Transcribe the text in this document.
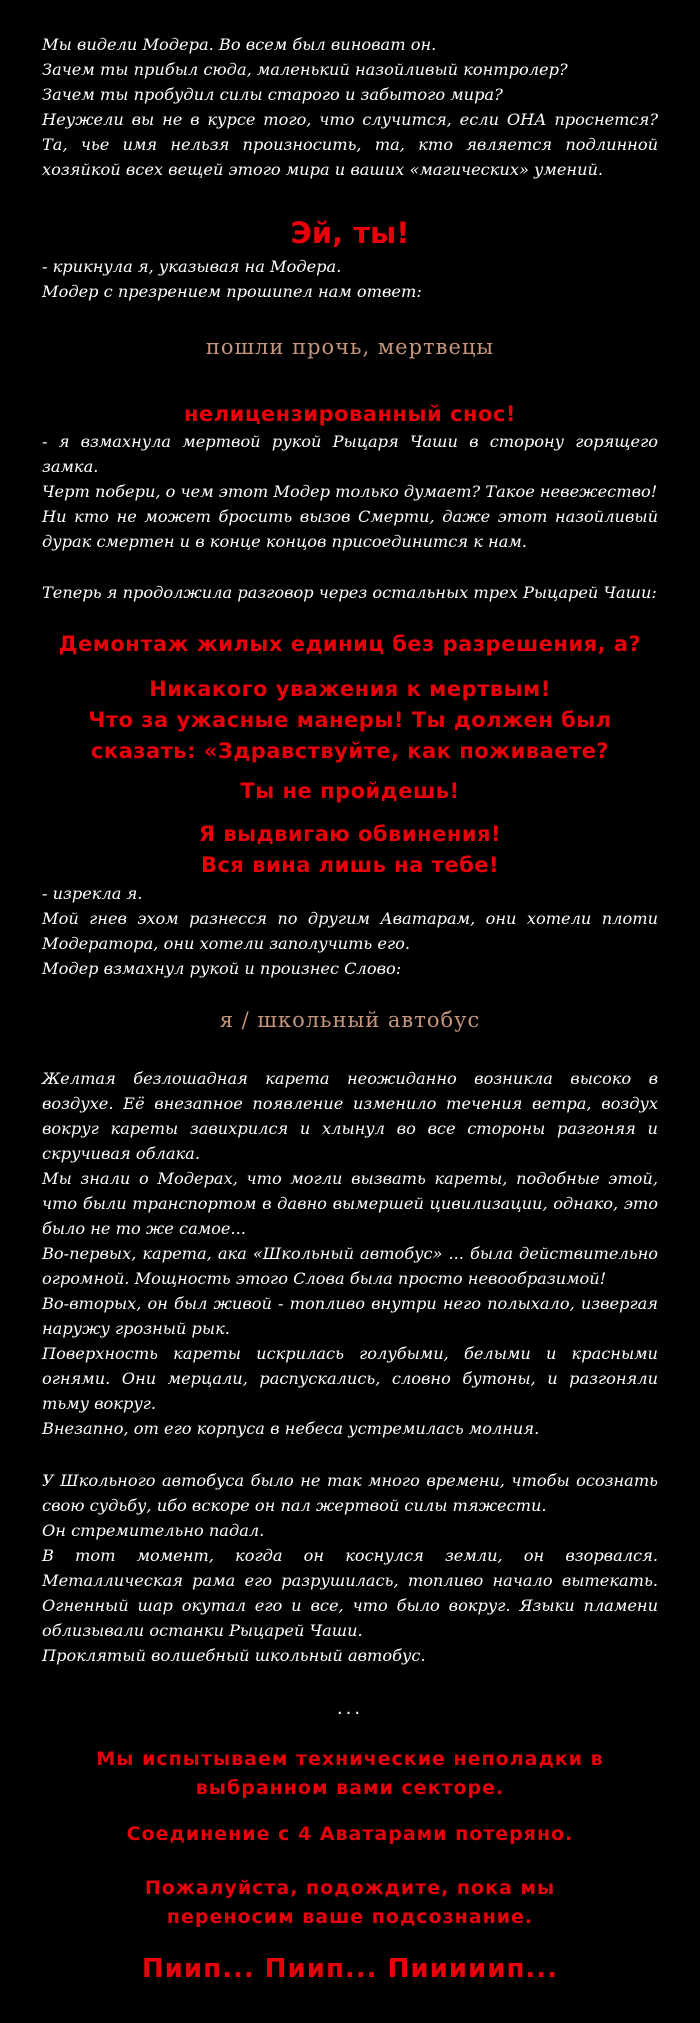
Мы видели Модера. Во всем был виноват он.

Зачем ты прибыл сюда, маленький назойливый контролер?

Зачем ты пробудил силы старого и забытого мира?

Неужели вы не в курсе того, что случится, если ОНА проснется? Та, чье имя нельзя произносить, та, кто является подлинной хозяйкой всех вещей этого мира и ваших «магических» умений.

Эй, ты!

- крикнула я, указывая на Модера.

Модер с презрением прошипел нам ответ:

пошли прочь, мертвецы
нелицензированный снос!

- я взмахнула мертвой рукой Рыцаря Чаши в сторону горящего замка.

Черт побери, о чем этот Модер только думает? Такое невежество!

Ни кто не может бросить вызов Смерти, даже этот назойливый дурак смертен и в конце концов присоединится к нам.

Теперь я продолжила разговор через остальных трех Рыцарей Чаши:
Демонтаж жилых единиц без разрешения, а?

Никакого уважения к мертвым!

Что за ужасные манеры! Ты должен был сказать: «Здравствуйте, как поживаете?

Ты не пройдешь!

Я выдвигаю обвинения!

Вся вина лишь на тебе!

- изрекла я.

Мой гнев эхом разнесся по другим Аватарам, они хотели плоти Модератора, они хотели заполучить его.

Модер взмахнул рукой и произнес Слово:

я / школьный автобус

Желтая безлошадная карета неожиданно возникла высоко в воздухе. Её внезапное появление изменило течения ветра, воздух вокруг кареты завихрился и хлынул во все стороны разгоняя и скручивая облака.

Мы знали о Модерах, что могли вызвать кареты, подобные этой, что были транспортом в давно вымершей цивилизации, однако, это было не то же самое...

Во-первых, карета, ака «Школьный автобус» ... была действительно огромной. Мощность этого Слова была просто невообразимой!

Во-вторых, он был живой - топливо внутри него полыхало, извергая наружу грозный рык.

Поверхность кареты искрилась голубыми, белыми и красными огнями. Они мерцали, распускались, словно бутоны, и разгоняли тьму вокруг.

Внезапно, от его корпуса в небеса устремилась молния.

У Школьного автобуса было не так много времени, чтобы осознать свою судьбу, ибо вскоре он пал жертвой силы тяжести.

Он стремительно падал.

В тот момент, когда он коснулся земли, он взорвался. Металлическая рама его разрушилась, топливо начало вытекать. Огненный шар окутал его и все, что было вокруг. Языки пламени облизывали останки Рыцарей Чаши.

Проклятый волшебный школьный автобус.

...
Мы испытываем технические неполадки в выбранном вами секторе.
Соединение с 4 Аватарами потеряно.
Пожалуйста, подождите, пока мы переносим ваше подсознание.
Пиип... Пиип... Пииииип...
